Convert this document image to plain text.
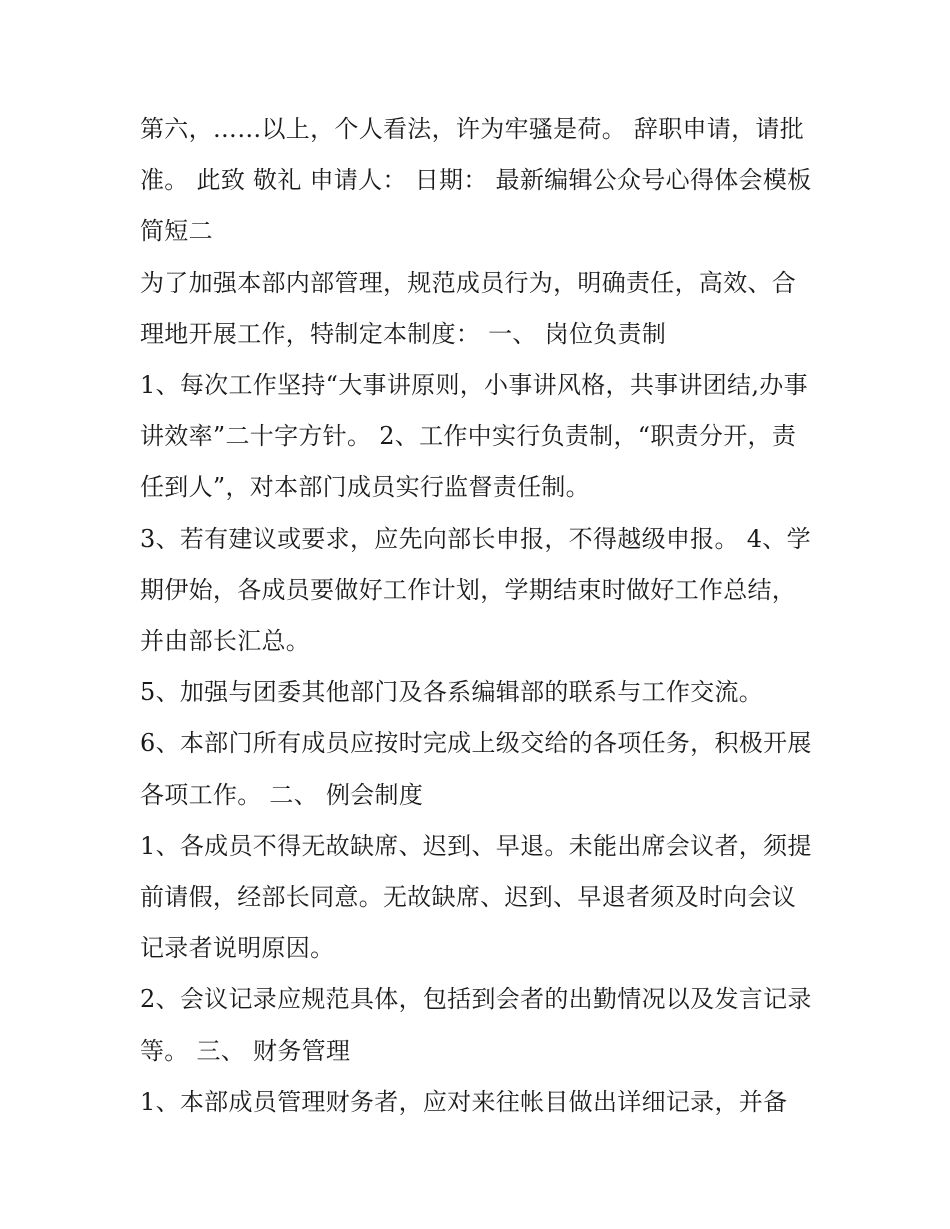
第六，……以上，个人看法，许为牢骚是荷。 辞职申请，请批准。 此致 敬礼 申请人： 日期： 最新编辑公众号心得体会模板简短二

为了加强本部内部管理，规范成员行为，明确责任，高效、合理地开展工作，特制定本制度： 一、 岗位负责制

1、每次工作坚持“大事讲原则，小事讲风格，共事讲团结,办事讲效率”二十字方针。 2、工作中实行负责制，“职责分开，责任到人”，对本部门成员实行监督责任制。

3、若有建议或要求，应先向部长申报，不得越级申报。 4、学期伊始，各成员要做好工作计划，学期结束时做好工作总结，并由部长汇总。

5、加强与团委其他部门及各系编辑部的联系与工作交流。

6、本部门所有成员应按时完成上级交给的各项任务，积极开展各项工作。 二、 例会制度

1、各成员不得无故缺席、迟到、早退。未能出席会议者，须提前请假，经部长同意。无故缺席、迟到、早退者须及时向会议记录者说明原因。

2、会议记录应规范具体，包括到会者的出勤情况以及发言记录等。 三、 财务管理

1、本部成员管理财务者，应对来往帐目做出详细记录，并备
